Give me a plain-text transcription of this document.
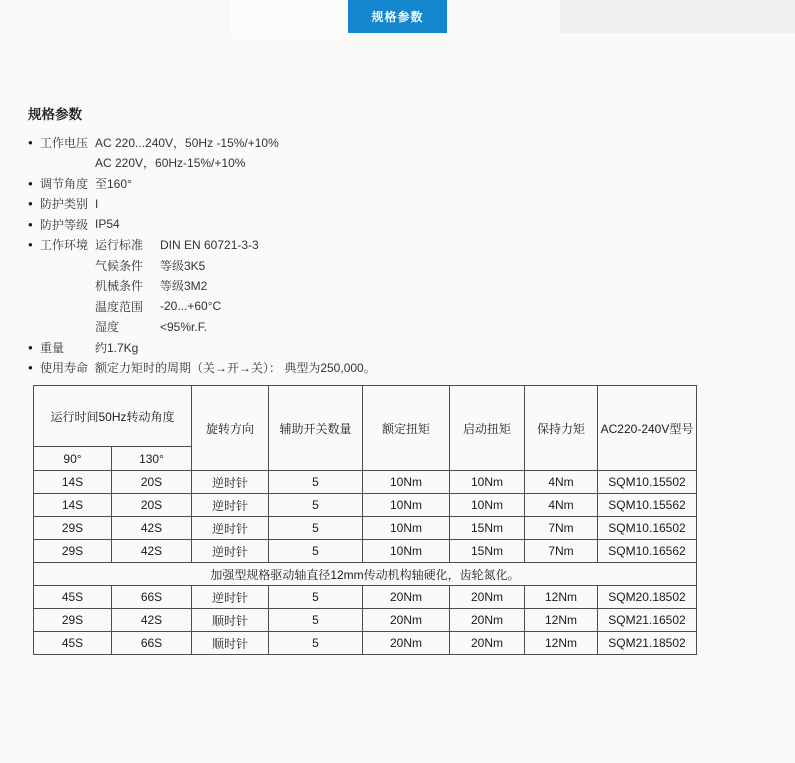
规格参数
规格参数
● 工作电压 AC 220...240V，50Hz -15%/+10%
AC 220V，60Hz-15%/+10%
● 调节角度 至160°
● 防护类别 I
● 防护等级 IP54
● 工作环境 运行标准	DIN EN 60721-3-3
气候条件	等级3K5
机械条件	等级3M2
温度范围	-20...+60°C
湿度	<95%r.F.
● 重量	约1.7Kg
● 使用寿命 额定力矩时的周期（关→开→关）： 典型为250,000。
运行时间50Hz转动角度		旋转方向	辅助开关数量	额定扭矩	启动扭矩	保持力矩	AC220-240V型号
90°	130°						
14S	20S	逆时针	5	10Nm	10Nm	4Nm	SQM10.15502
14S	20S	逆时针	5	10Nm	10Nm	4Nm	SQM10.15562
29S	42S	逆时针	5	10Nm	15Nm	7Nm	SQM10.16502
29S	42S	逆时针	5	10Nm	15Nm	7Nm	SQM10.16562
加强型规格驱动轴直径12mm传动机构轴硬化，齿轮氮化。							
45S	66S	逆时针	5	20Nm	20Nm	12Nm	SQM20.18502
29S	42S	顺时针	5	20Nm	20Nm	12Nm	SQM21.16502
45S	66S	顺时针	5	20Nm	20Nm	12Nm	SQM21.18502
